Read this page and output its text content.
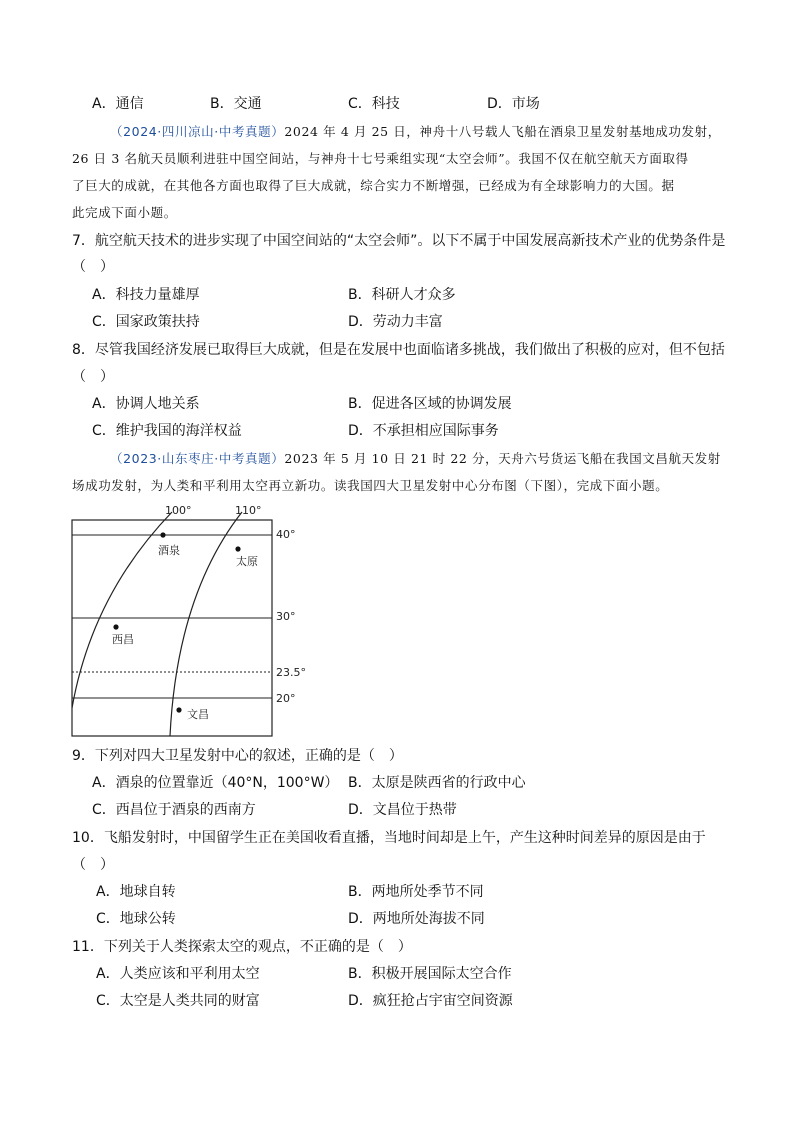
A．通信	B．交通	C．科技	D．市场
（2024·四川凉山·中考真题）2024 年 4 月 25 日，神舟十八号载人飞船在酒泉卫星发射基地成功发射，
26 日 3 名航天员顺利进驻中国空间站，与神舟十七号乘组实现“太空会师”。我国不仅在航空航天方面取得
了巨大的成就，在其他各方面也取得了巨大成就，综合实力不断增强，已经成为有全球影响力的大国。据
此完成下面小题。
7．航空航天技术的进步实现了中国空间站的“太空会师”。以下不属于中国发展高新技术产业的优势条件是
（　）
A．科技力量雄厚	B．科研人才众多
C．国家政策扶持	D．劳动力丰富
8．尽管我国经济发展已取得巨大成就，但是在发展中也面临诸多挑战，我们做出了积极的应对，但不包括
（　）
A．协调人地关系	B．促进各区域的协调发展
C．维护我国的海洋权益	D．不承担相应国际事务
（2023·山东枣庄·中考真题）2023 年 5 月 10 日 21 时 22 分，天舟六号货运飞船在我国文昌航天发射
场成功发射，为人类和平利用太空再立新功。读我国四大卫星发射中心分布图（下图），完成下面小题。
100°	110°
40°
30°
23.5°
20°
酒泉
太原
西昌
文昌
9．下列对四大卫星发射中心的叙述，正确的是（　）
A．酒泉的位置靠近（40°N，100°W） B．太原是陕西省的行政中心
C．西昌位于酒泉的西南方	D．文昌位于热带
10．飞船发射时，中国留学生正在美国收看直播，当地时间却是上午，产生这种时间差异的原因是由于
（　）
A．地球自转	B．两地所处季节不同
C．地球公转	D．两地所处海拔不同
11．下列关于人类探索太空的观点，不正确的是（　）
A．人类应该和平利用太空	B．积极开展国际太空合作
C．太空是人类共同的财富	D．疯狂抢占宇宙空间资源
